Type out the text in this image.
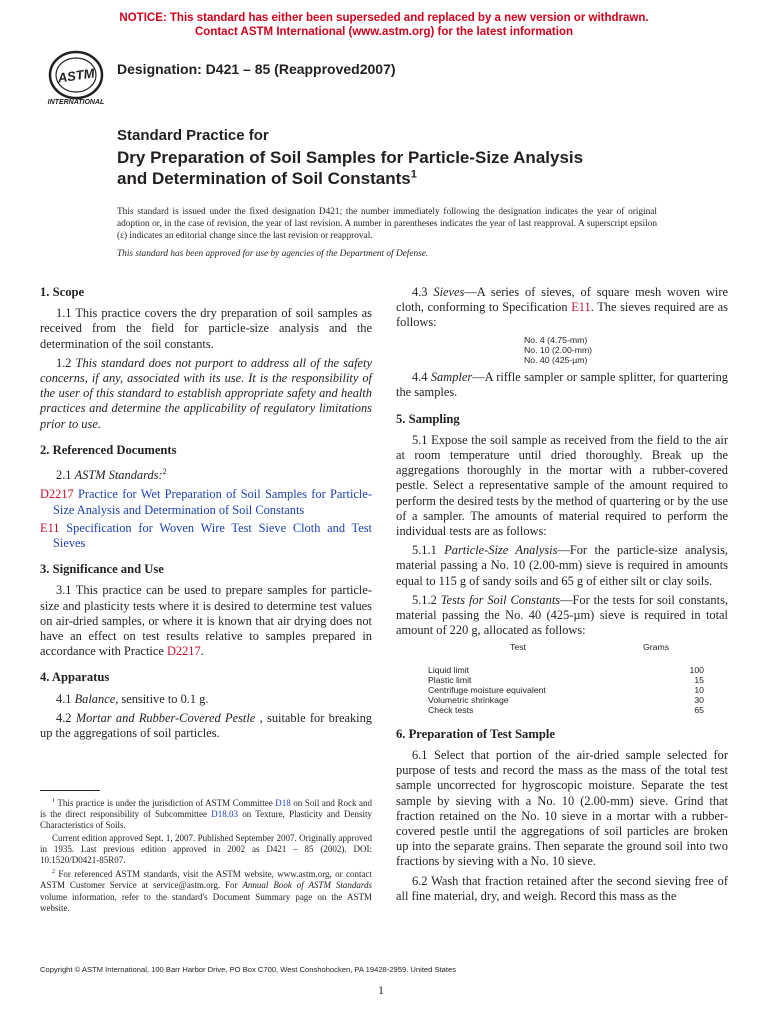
NOTICE: This standard has either been superseded and replaced by a new version or withdrawn.
Contact ASTM International (www.astm.org) for the latest information
ASTM
INTERNATIONAL
Designation: D421 – 85 (Reapproved2007)
Standard Practice for
Dry Preparation of Soil Samples for Particle-Size Analysis
and Determination of Soil Constants$^1$
This standard is issued under the fixed designation D421; the number immediately following the designation indicates the year of original adoption or, in the case of revision, the year of last revision. A number in parentheses indicates the year of last reapproval. A superscript epsilon (ε) indicates an editorial change since the last revision or reapproval.
This standard has been approved for use by agencies of the Department of Defense.
1. Scope

1.1 This practice covers the dry preparation of soil samples as received from the field for particle-size analysis and the determination of the soil constants.

1.2 This standard does not purport to address all of the safety concerns, if any, associated with its use. It is the responsibility of the user of this standard to establish appropriate safety and health practices and determine the applicability of regulatory limitations prior to use.

2. Referenced Documents

2.1 ASTM Standards:$^2$

D2217 Practice for Wet Preparation of Soil Samples for Particle-Size Analysis and Determination of Soil Constants
E11 Specification for Woven Wire Test Sieve Cloth and Test Sieves
3. Significance and Use

3.1 This practice can be used to prepare samples for particle-size and plasticity tests where it is desired to determine test values on air-dried samples, or where it is known that air drying does not have an effect on test results relative to samples prepared in accordance with Practice D2217.

4. Apparatus

4.1 Balance, sensitive to 0.1 g.

4.2 Mortar and Rubber-Covered Pestle , suitable for breaking up the aggregations of soil particles.

$^1$ This practice is under the jurisdiction of ASTM Committee D18 on Soil and Rock and is the direct responsibility of Subcommittee D18.03 on Texture, Plasticity and Density Characteristics of Soils.

Current edition approved Sept. 1, 2007. Published September 2007. Originally approved in 1935. Last previous edition approved in 2002 as D421 – 85 (2002). DOI: 10.1520/D0421-85R07.

$^2$ For referenced ASTM standards, visit the ASTM website, www.astm.org, or contact ASTM Customer Service at service@astm.org. For Annual Book of ASTM Standards volume information, refer to the standard's Document Summary page on the ASTM website.

4.3 Sieves—A series of sieves, of square mesh woven wire cloth, conforming to Specification E11. The sieves required are as follows:

No. 4 (4.75-mm)
No. 10 (2.00-mm)
No. 40 (425-µm)

4.4 Sampler—A riffle sampler or sample splitter, for quartering the samples.

5. Sampling

5.1 Expose the soil sample as received from the field to the air at room temperature until dried thoroughly. Break up the aggregations thoroughly in the mortar with a rubber-covered pestle. Select a representative sample of the amount required to perform the desired tests by the method of quartering or by the use of a sampler. The amounts of material required to perform the individual tests are as follows:

5.1.1 Particle-Size Analysis—For the particle-size analysis, material passing a No. 10 (2.00-mm) sieve is required in amounts equal to 115 g of sandy soils and 65 g of either silt or clay soils.

5.1.2 Tests for Soil Constants—For the tests for soil constants, material passing the No. 40 (425-µm) sieve is required in total amount of 220 g, allocated as follows:

Test	Grams
Liquid limit	100
Plastic limit	15
Centrifuge moisture equivalent	10
Volumetric shrinkage	30
Check tests	65
6. Preparation of Test Sample

6.1 Select that portion of the air-dried sample selected for purpose of tests and record the mass as the mass of the total test sample uncorrected for hygroscopic moisture. Separate the test sample by sieving with a No. 10 (2.00-mm) sieve. Grind that fraction retained on the No. 10 sieve in a mortar with a rubber-covered pestle until the aggregations of soil particles are broken up into the separate grains. Then separate the ground soil into two fractions by sieving with a No. 10 sieve.

6.2 Wash that fraction retained after the second sieving free of all fine material, dry, and weigh. Record this mass as the

Copyright © ASTM International, 100 Barr Harbor Drive, PO Box C700, West Conshohocken, PA 19428-2959. United States
1
